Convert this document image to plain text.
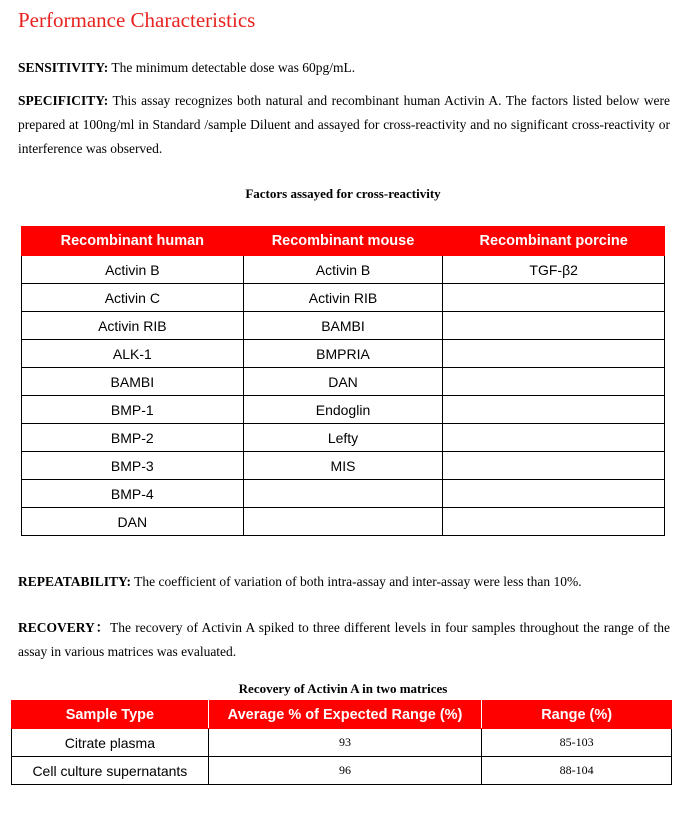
Performance Characteristics
SENSITIVITY: The minimum detectable dose was 60pg/mL.
SPECIFICITY: This assay recognizes both natural and recombinant human Activin A. The factors listed below were prepared at 100ng/ml in Standard /sample Diluent and assayed for cross-reactivity and no significant cross-reactivity or interference was observed.
Factors assayed for cross-reactivity
Recombinant human	Recombinant mouse	Recombinant porcine
Activin B	Activin B	TGF-β2
Activin C	Activin RIB	
Activin RIB	BAMBI	
ALK-1	BMPRIA	
BAMBI	DAN	
BMP-1	Endoglin	
BMP-2	Lefty	
BMP-3	MIS	
BMP-4		
DAN		
REPEATABILITY: The coefficient of variation of both intra-assay and inter-assay were less than 10%.
RECOVERY：The recovery of Activin A spiked to three different levels in four samples throughout the range of the assay in various matrices was evaluated.
Recovery of Activin A in two matrices
Sample Type	Average % of Expected Range (%)	Range (%)
Citrate plasma	93	85-103
Cell culture supernatants	96	88-104
